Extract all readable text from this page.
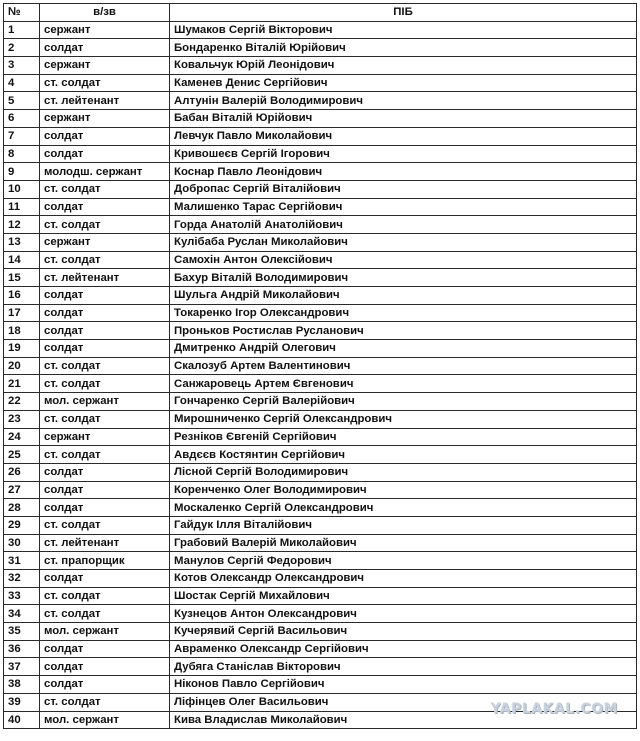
№	в/зв	ПІБ
1	сержант	Шумаков Сергій Вікторович
2	солдат	Бондаренко Віталій Юрійович
3	сержант	Ковальчук Юрій Леонідович
4	ст. солдат	Каменев Денис Сергійович
5	ст. лейтенант	Алтунін Валерій Володимирович
6	сержант	Бабан Віталій Юрійович
7	солдат	Левчук Павло Миколайович
8	солдат	Кривошеєв Сергій Ігорович
9	молодш. сержант	Коснар Павло Леонідович
10	ст. солдат	Добропас Сергій Віталійович
11	солдат	Малишенко Тарас Сергійович
12	ст. солдат	Горда Анатолій Анатолійович
13	сержант	Кулібаба Руслан Миколайович
14	ст. солдат	Самохін Антон Олексійович
15	ст. лейтенант	Бахур Віталій Володимирович
16	солдат	Шульга Андрій Миколайович
17	солдат	Токаренко Ігор Олександрович
18	солдат	Проньков Ростислав Русланович
19	солдат	Дмитренко Андрій Олегович
20	ст. солдат	Скалозуб Артем Валентинович
21	ст. солдат	Санжаровець Артем Євгенович
22	мол. сержант	Гончаренко Сергій Валерійович
23	ст. солдат	Мирошниченко Сергій Олександрович
24	сержант	Резніков Євгеній Сергійович
25	ст. солдат	Авдєєв Костянтин Сергійович
26	солдат	Лісной Сергій Володимирович
27	солдат	Коренченко Олег Володимирович
28	солдат	Москаленко Сергій Олександрович
29	ст. солдат	Гайдук Ілля Віталійович
30	ст. лейтенант	Грабовий Валерій Миколайович
31	ст. прапорщик	Манулов Сергій Федорович
32	солдат	Котов Олександр Олександрович
33	ст. солдат	Шостак Сергій Михайлович
34	ст. солдат	Кузнецов Антон Олександрович
35	мол. сержант	Кучерявий Сергій Васильович
36	солдат	Авраменко Олександр Сергійович
37	солдат	Дубяга Станіслав Вікторович
38	солдат	Ніконов Павло Сергійович
39	ст. солдат	Ліфінцев Олег Васильович
40	мол. сержант	Кива Владислав Миколайович
YAPLAKAL.COM
